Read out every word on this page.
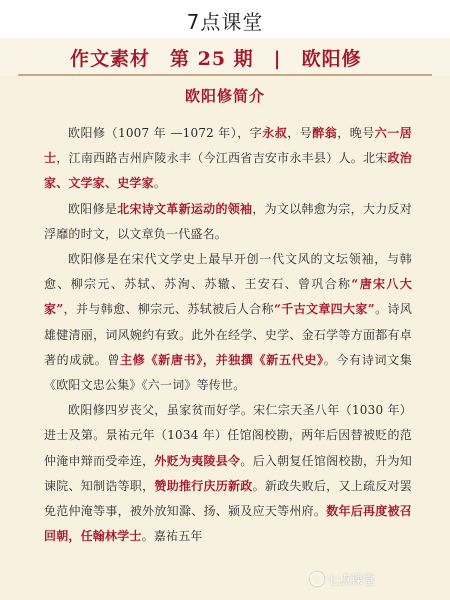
7点课堂
作文素材　第 25 期　|　欧阳修
欧阳修简介

欧阳修（1007 年 —1072 年），字永叔，号醉翁，晚号六一居士，江南西路吉州庐陵永丰（今江西省吉安市永丰县）人。北宋政治家、文学家、史学家。

欧阳修是北宋诗文革新运动的领袖，为文以韩愈为宗，大力反对浮靡的时文，以文章负一代盛名。

欧阳修是在宋代文学史上最早开创一代文风的文坛领袖，与韩愈、柳宗元、苏轼、苏洵、苏辙、王安石、曾巩合称“唐宋八大家”，并与韩愈、柳宗元、苏轼被后人合称“千古文章四大家”。诗风雄健清丽，词风婉约有致。此外在经学、史学、金石学等方面都有卓著的成就。曾主修《新唐书》，并独撰《新五代史》。今有诗词文集《欧阳文忠公集》《六一词》等传世。

欧阳修四岁丧父，虽家贫而好学。宋仁宗天圣八年（1030 年）进士及第。景祐元年（1034 年）任馆阁校勘，两年后因替被贬的范仲淹申辩而受牵连，外贬为夷陵县令。后入朝复任馆阁校勘，升为知谏院、知制诰等职，赞助推行庆历新政。新政失败后，又上疏反对罢免范仲淹等事，被外放知滁、扬、颍及应天等州府。数年后再度被召回朝，任翰林学士。嘉祐五年

七点课堂
